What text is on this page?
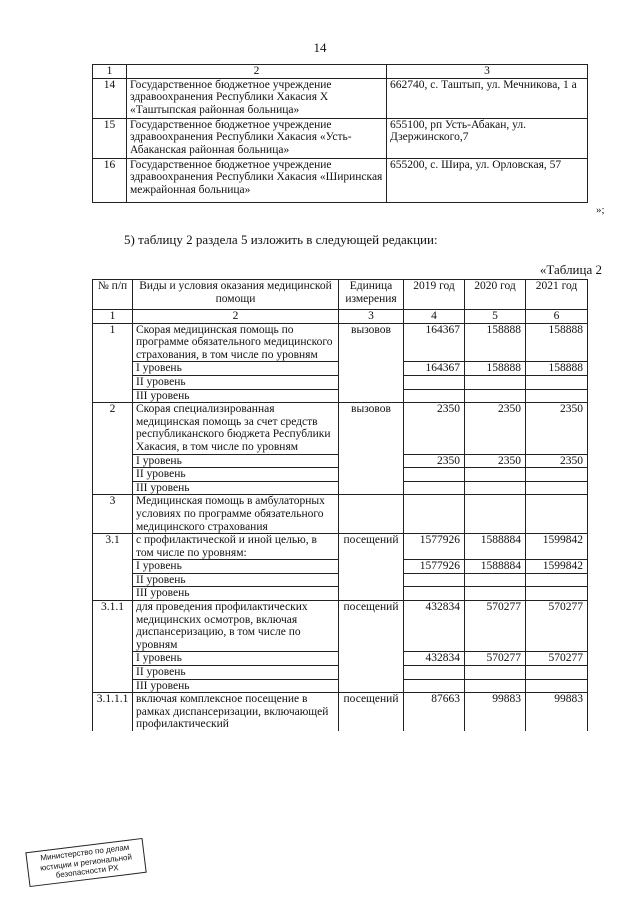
14
1	2	3
14	Государственное бюджетное учреждение здравоохранения Республики Хакасия Х «Таштыпская районная больница»	662740, с. Таштып, ул. Мечникова, 1 а
15	Государственное бюджетное учреждение здравоохранения Республики Хакасия «Усть-Абаканская районная больница»	655100, рп Усть-Абакан, ул. Дзержинского,7
16	Государственное бюджетное учреждение здравоохранения Республики Хакасия «Ширинская межрайонная больница»	655200, с. Шира, ул. Орловская, 57
»;
5) таблицу 2 раздела 5 изложить в следующей редакции:
«Таблица 2
№ п/п	Виды и условия оказания медицинской помощи	Единица измерения	2019 год	2020 год	2021 год
1	2	3	4	5	6
1	Скорая медицинская помощь по программе обязательного медицинского страхования, в том числе по уровням	вызовов	164367	158888	158888
	I уровень		164367	158888	158888
	II уровень				
	III уровень				
2	Скорая специализированная медицинская помощь за счет средств республиканского бюджета Республики Хакасия, в том числе по уровням	вызовов	2350	2350	2350
	I уровень		2350	2350	2350
	II уровень				
	III уровень				
3	Медицинская помощь в амбулаторных условиях по программе обязательного медицинского страхования				
3.1	с профилактической и иной целью, в том числе по уровням:	посещений	1577926	1588884	1599842
	I уровень		1577926	1588884	1599842
	II уровень				
	III уровень				
3.1.1	для проведения профилактических медицинских осмотров, включая диспансеризацию, в том числе по уровням	посещений	432834	570277	570277
	I уровень		432834	570277	570277
	II уровень				
	III уровень				
3.1.1.1	включая комплексное посещение в рамках диспансеризации, включающей профилактический	посещений	87663	99883	99883
Министерство по делам юстиции и региональной безопасности РХ
